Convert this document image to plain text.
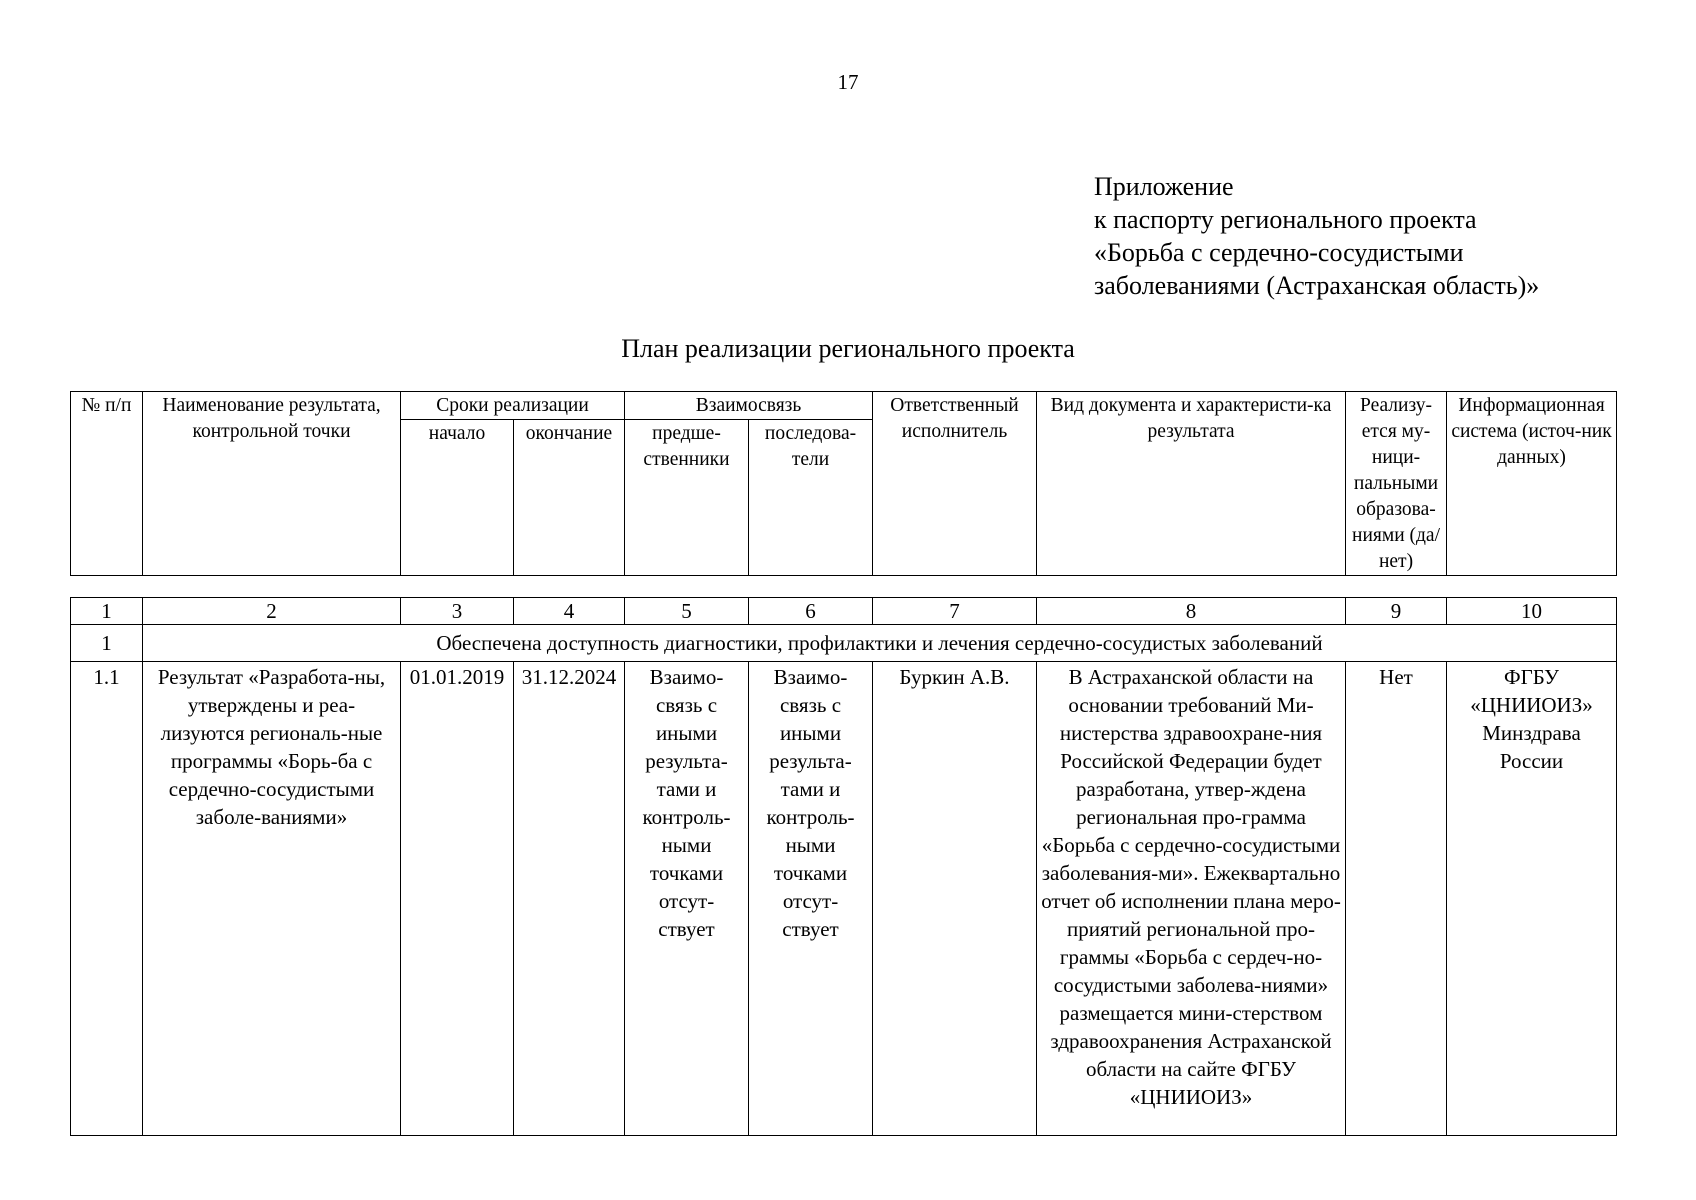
17
Приложение
к паспорту регионального проекта
«Борьба с сердечно-сосудистыми
заболеваниями (Астраханская область)»
План реализации регионального проекта
№ п/п	Наименование результата, контрольной точки	Сроки реализации		Взаимосвязь		Ответственный исполнитель	Вид документа и характеристи-ка результата	Реализу-ется му-ници-пальными образова-ниями (да/нет)	Информационная система (источ-ник данных)
		начало	окончание	предше-ственники	последова-тели				
1	2	3	4	5	6	7	8	9	10
1	Обеспечена доступность диагностики, профилактики и лечения сердечно-сосудистых заболеваний								
1.1	Результат «Разработа-ны, утверждены и реа-лизуются региональ-ные программы «Борь-ба с сердечно-сосудистыми заболе-ваниями»	01.01.2019	31.12.2024	Взаимо-связь с иными результа-тами и контроль-ными точками отсут-ствует	Взаимо-связь с иными результа-тами и контроль-ными точками отсут-ствует	Буркин А.В.	В Астраханской области на основании требований Ми-нистерства здравоохране-ния Российской Федерации будет разработана, утвер-ждена региональная про-грамма «Борьба с сердечно-сосудистыми заболевания-ми». Ежеквартально отчет об исполнении плана меро-приятий региональной про-граммы «Борьба с сердеч-но-сосудистыми заболева-ниями» размещается мини-стерством здравоохранения Астраханской области на сайте ФГБУ «ЦНИИОИЗ»	Нет	ФГБУ «ЦНИИОИЗ» Минздрава России
